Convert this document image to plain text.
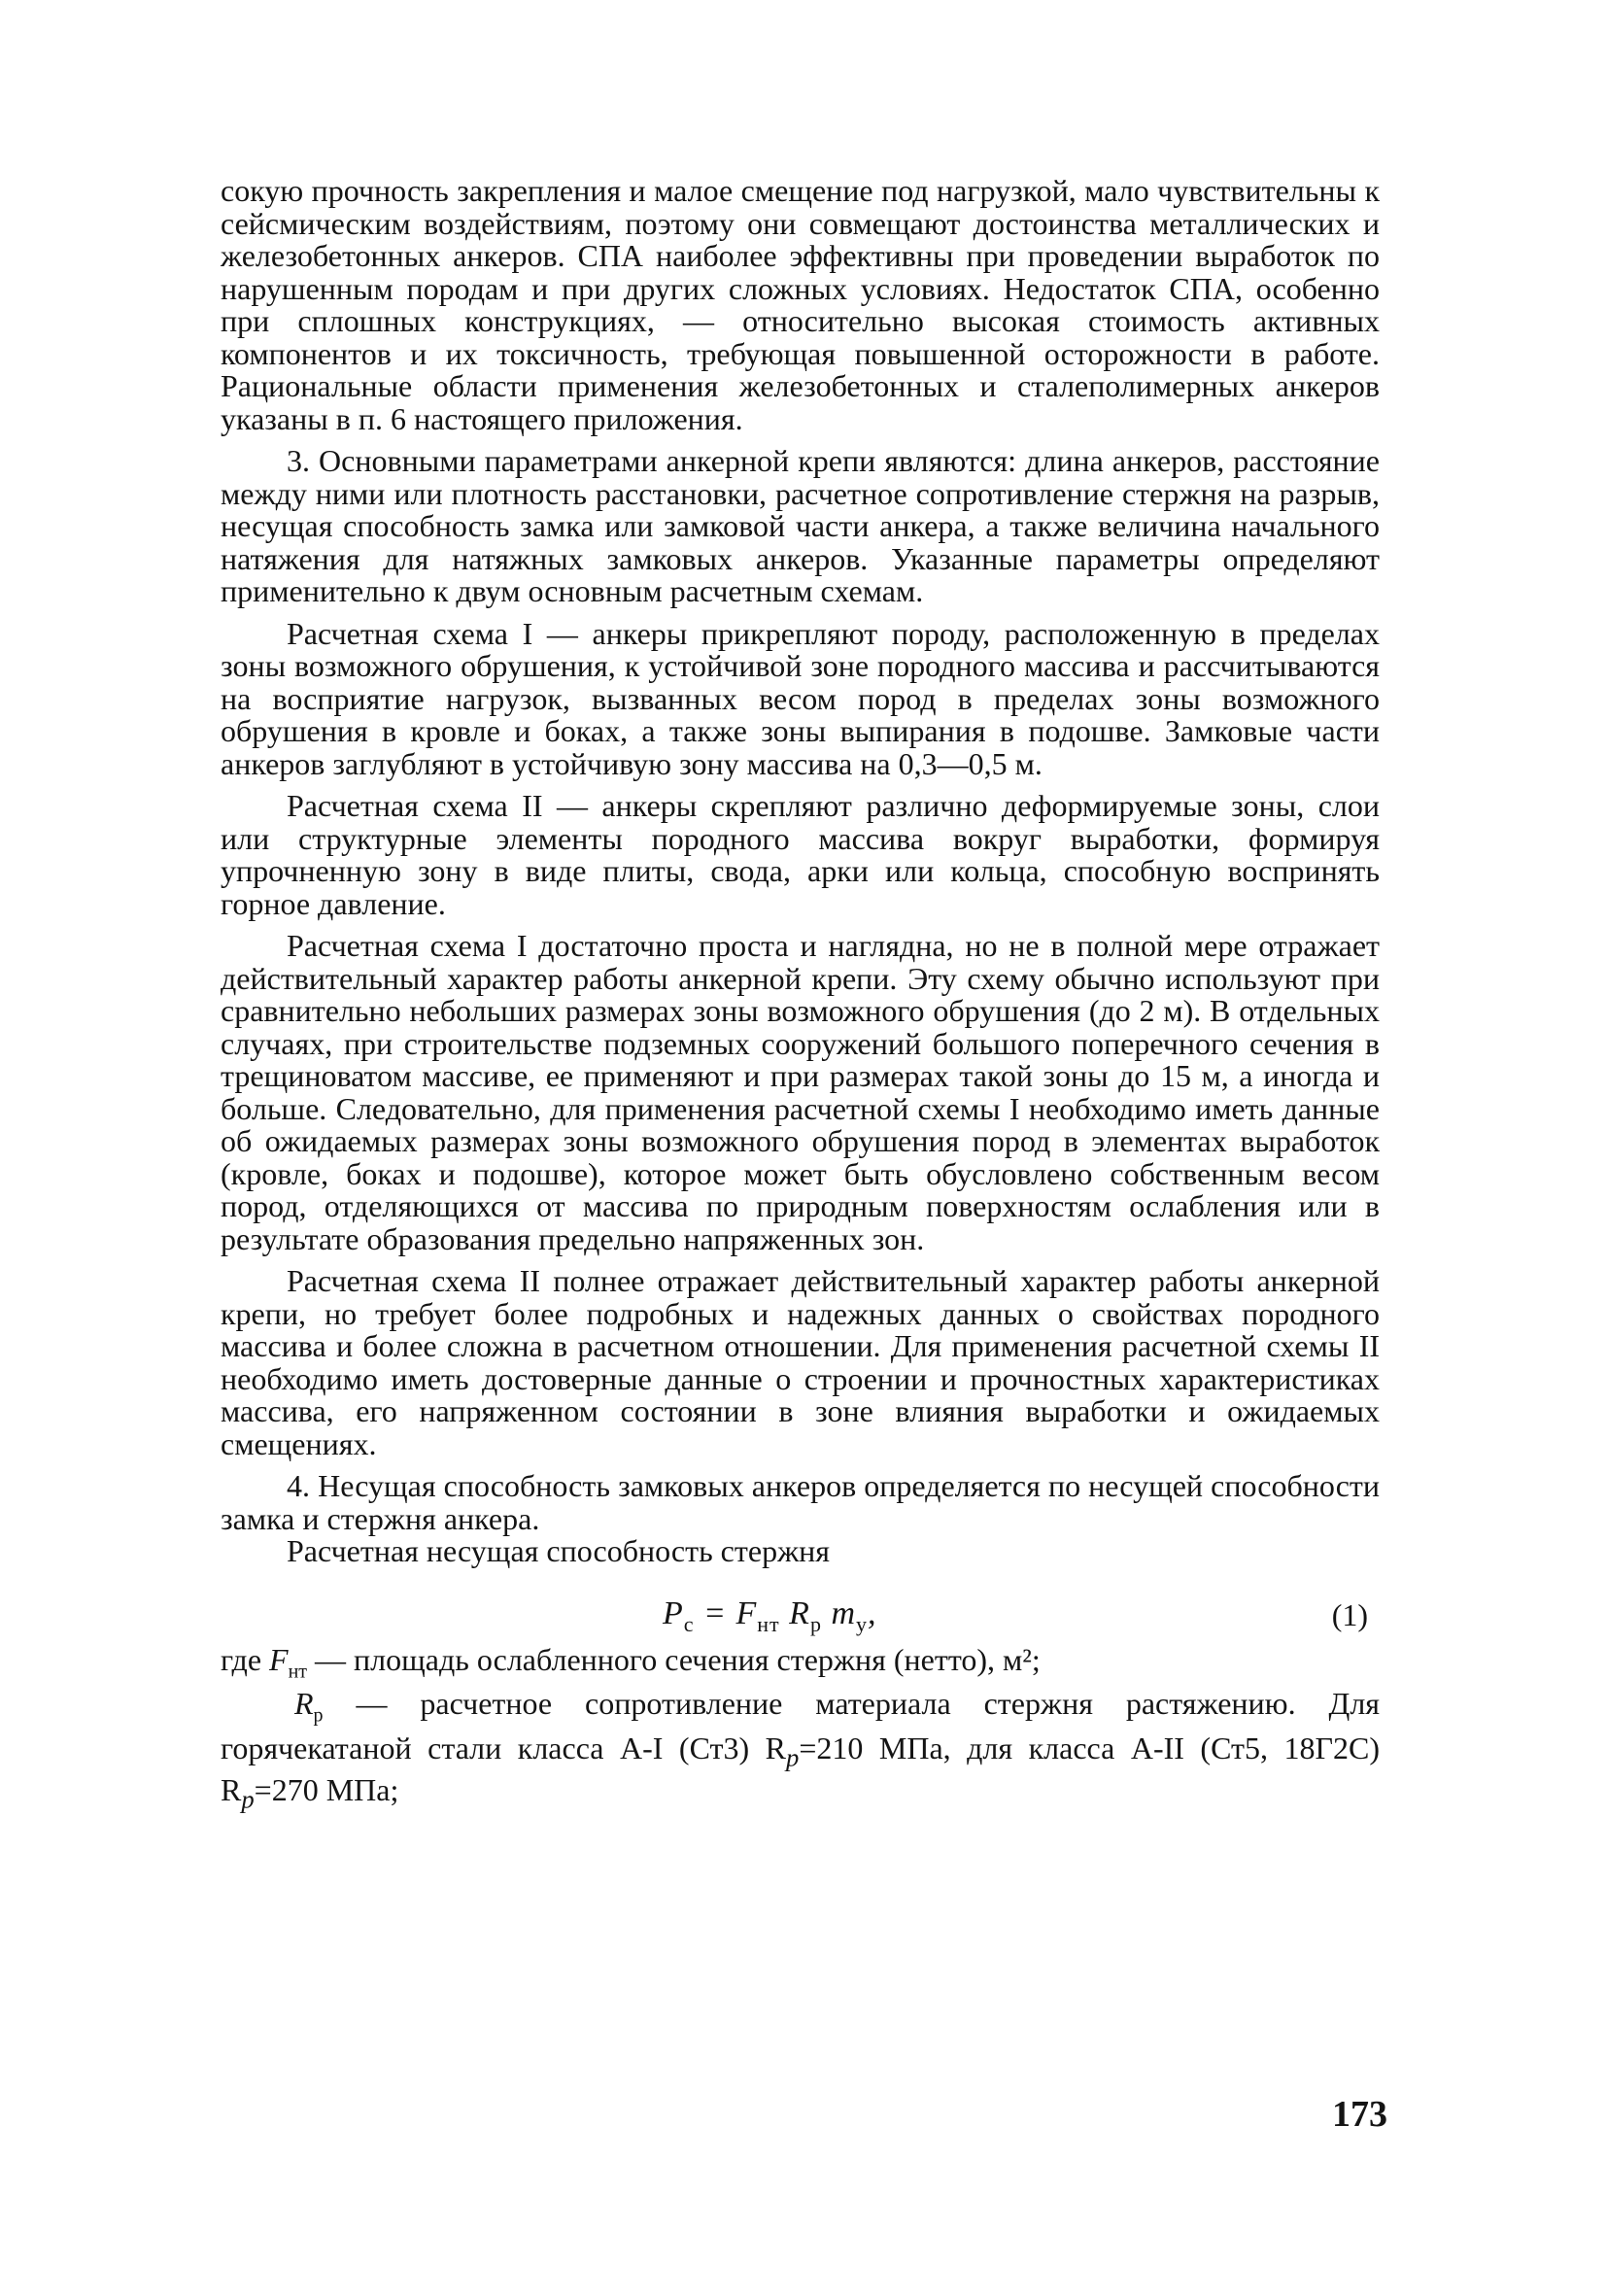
сокую прочность закрепления и малое смещение под нагрузкой, мало чувствительны к сейсмическим воздействиям, поэтому они совмещают достоинства металлических и железобетонных анкеров. СПА наиболее эффективны при проведении выработок по нарушенным породам и при других сложных условиях. Недостаток СПА, особенно при сплошных конструкциях, — относительно высокая стоимость активных компонентов и их токсичность, требующая повышенной осторожности в работе. Рациональные области применения железобетонных и сталеполимерных анкеров указаны в п. 6 настоящего приложения.

3. Основными параметрами анкерной крепи являются: длина анкеров, расстояние между ними или плотность расстановки, расчетное сопротивление стержня на разрыв, несущая способность замка или замковой части анкера, а также величина начального натяжения для натяжных замковых анкеров. Указанные параметры определяют применительно к двум основным расчетным схемам.

Расчетная схема I — анкеры прикрепляют породу, расположенную в пределах зоны возможного обрушения, к устойчивой зоне породного массива и рассчитываются на восприятие нагрузок, вызванных весом пород в пределах зоны возможного обрушения в кровле и боках, а также зоны выпирания в подошве. Замковые части анкеров заглубляют в устойчивую зону массива на 0,3—0,5 м.

Расчетная схема II — анкеры скрепляют различно деформируемые зоны, слои или структурные элементы породного массива вокруг выработки, формируя упрочненную зону в виде плиты, свода, арки или кольца, способную воспринять горное давление.

Расчетная схема I достаточно проста и наглядна, но не в полной мере отражает действительный характер работы анкерной крепи. Эту схему обычно используют при сравнительно небольших размерах зоны возможного обрушения (до 2 м). В отдельных случаях, при строительстве подземных сооружений большого поперечного сечения в трещиноватом массиве, ее применяют и при размерах такой зоны до 15 м, а иногда и больше. Следовательно, для применения расчетной схемы I необходимо иметь данные об ожидаемых размерах зоны возможного обрушения пород в элементах выработок (кровле, боках и подошве), которое может быть обусловлено собственным весом пород, отделяющихся от массива по природным поверхностям ослабления или в результате образования предельно напряженных зон.

Расчетная схема II полнее отражает действительный характер работы анкерной крепи, но требует более подробных и надежных данных о свойствах породного массива и более сложна в расчетном отношении. Для применения расчетной схемы II необходимо иметь достоверные данные о строении и прочностных характеристиках массива, его напряженном состоянии в зоне влияния выработки и ожидаемых смещениях.

4. Несущая способность замковых анкеров определяется по несущей способности замка и стержня анкера.

Расчетная несущая способность стержня

$P_с = F_{нт}$ $R_р$ $m_у$,	(1)

где $F_{нт}$ — площадь ослабленного сечения стержня (нетто), м²;

$R_р$ — расчетное сопротивление материала стержня растяжению. Для горячекатаной стали класса А-I (Ст3) $R_р=210$ МПа, для класса А-II (Ст5, 18Г2С) $R_р=270$ МПа;

173
